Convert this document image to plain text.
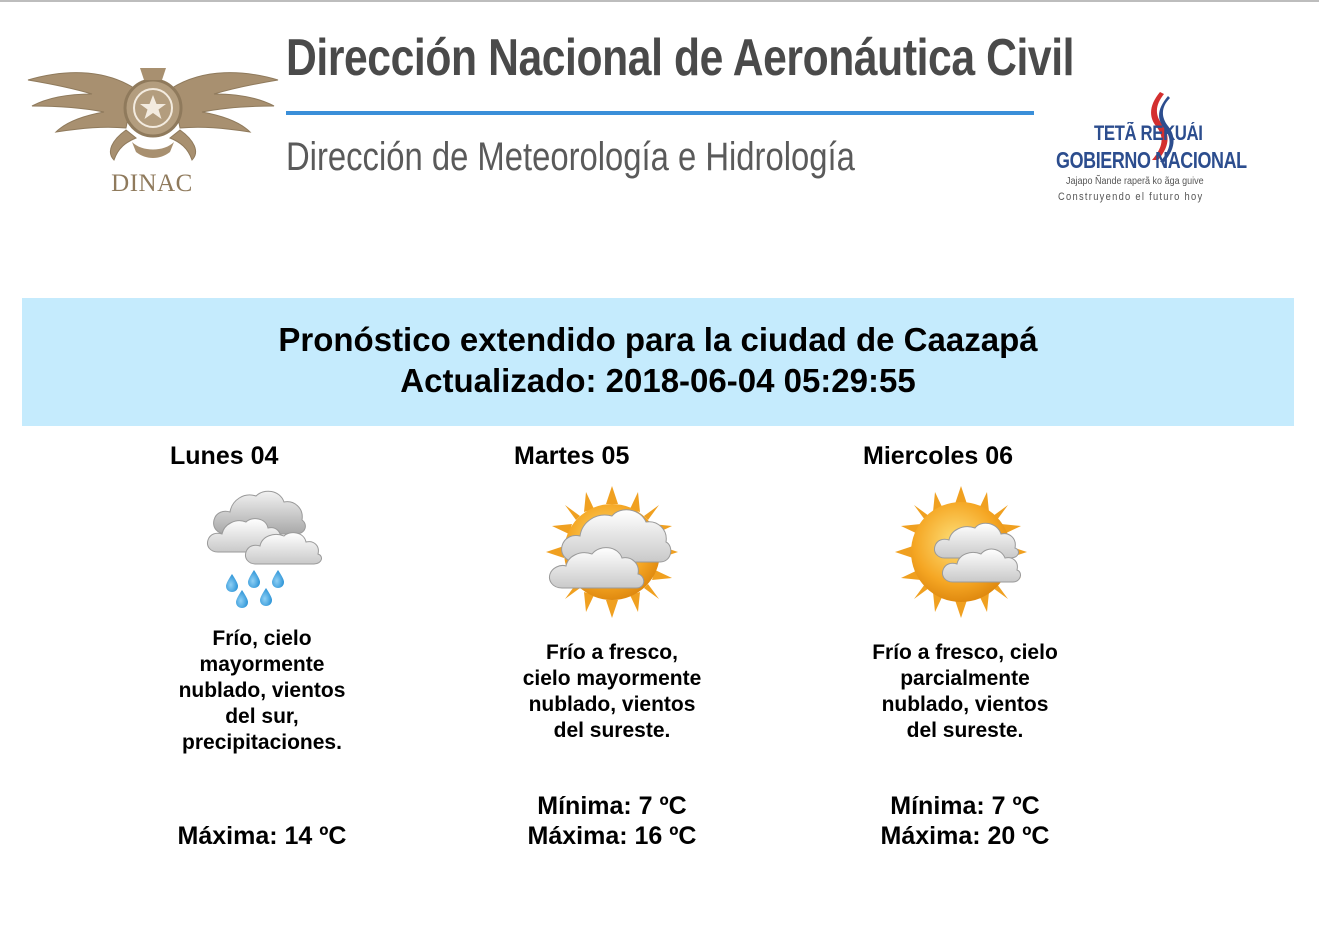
DINAC
Dirección Nacional de Aeronáutica Civil
Dirección de Meteorología e Hidrología
TETÃ REKUÁI
GOBIERNO NACIONAL
Jajapo Ñande raperã ko ãga guive
Construyendo el futuro hoy
Pronóstico extendido para la ciudad de Caazapá
Actualizado: 2018-06-04 05:29:55
Lunes 04
Frío, cielo
mayormente
nublado, vientos
del sur,
precipitaciones.
Máxima: 14 ºC
Martes 05
Frío a fresco,
cielo mayormente
nublado, vientos
del sureste.
Mínima: 7 ºC
Máxima: 16 ºC
Miercoles 06
Frío a fresco, cielo
parcialmente
nublado, vientos
del sureste.
Mínima: 7 ºC
Máxima: 20 ºC
